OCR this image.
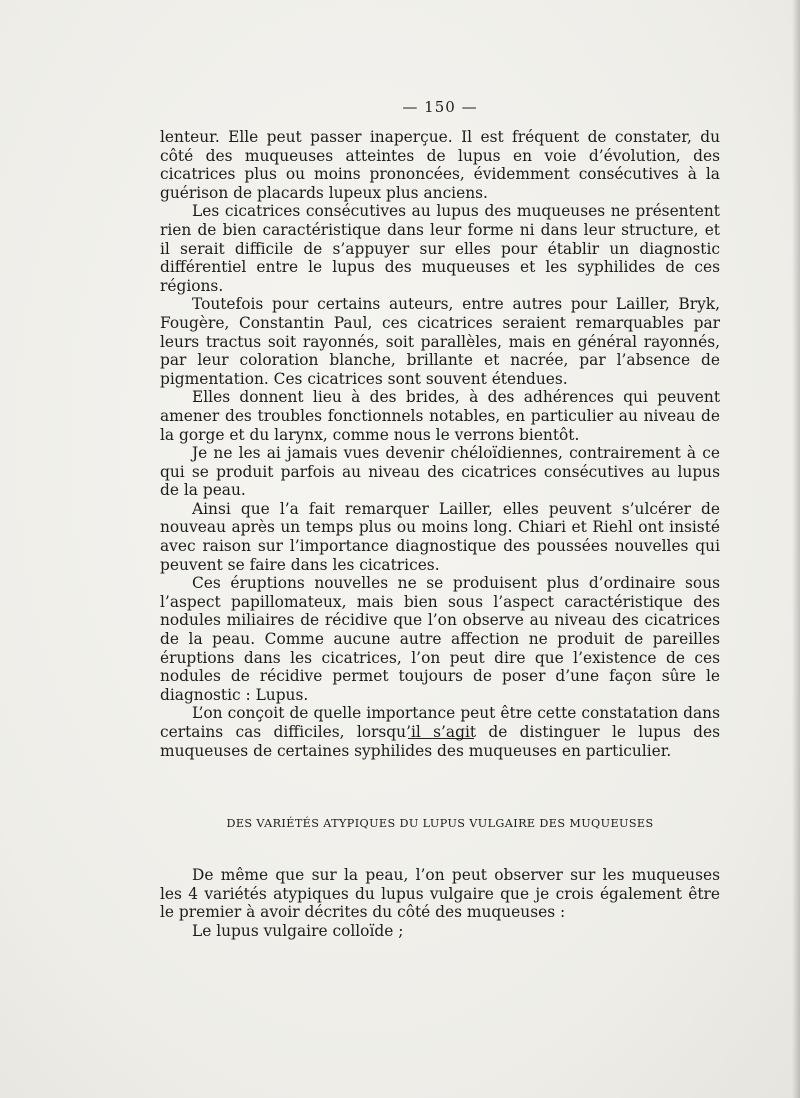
— 150 —

lenteur. Elle peut passer inaperçue. Il est fréquent de constater, du côté des muqueuses atteintes de lupus en voie d’évolution, des cicatrices plus ou moins prononcées, évidemment consécutives à la guérison de placards lupeux plus anciens.

Les cicatrices consécutives au lupus des muqueuses ne présentent rien de bien caractéristique dans leur forme ni dans leur structure, et il serait difficile de s’appuyer sur elles pour établir un diagnostic différentiel entre le lupus des muqueuses et les syphilides de ces régions.

Toutefois pour certains auteurs, entre autres pour Lailler, Bryk, Fougère, Constantin Paul, ces cicatrices seraient remarquables par leurs tractus soit rayonnés, soit parallèles, mais en général rayonnés, par leur coloration blanche, brillante et nacrée, par l’absence de pigmentation. Ces cicatrices sont souvent étendues.

Elles donnent lieu à des brides, à des adhérences qui peuvent amener des troubles fonctionnels notables, en particulier au niveau de la gorge et du larynx, comme nous le verrons bientôt.

Je ne les ai jamais vues devenir chéloïdiennes, contrairement à ce qui se produit parfois au niveau des cicatrices consécutives au lupus de la peau.

Ainsi que l’a fait remarquer Lailler, elles peuvent s’ulcérer de nouveau après un temps plus ou moins long. Chiari et Riehl ont insisté avec raison sur l’importance diagnostique des poussées nouvelles qui peuvent se faire dans les cicatrices.

Ces éruptions nouvelles ne se produisent plus d’ordinaire sous l’aspect papillomateux, mais bien sous l’aspect caractéristique des nodules miliaires de récidive que l’on observe au niveau des cicatrices de la peau. Comme aucune autre affection ne produit de pareilles éruptions dans les cicatrices, l’on peut dire que l’existence de ces nodules de récidive permet toujours de poser d’une façon sûre le diagnostic : Lupus.

L’on conçoit de quelle importance peut être cette constatation dans certains cas difficiles, lorsqu’il s’agit de distinguer le lupus des muqueuses de certaines syphilides des muqueuses en particulier.

DES VARIÉTÉS ATYPIQUES DU LUPUS VULGAIRE DES MUQUEUSES

De même que sur la peau, l’on peut observer sur les muqueuses les 4 variétés atypiques du lupus vulgaire que je crois également être le premier à avoir décrites du côté des muqueuses :

Le lupus vulgaire colloïde ;
